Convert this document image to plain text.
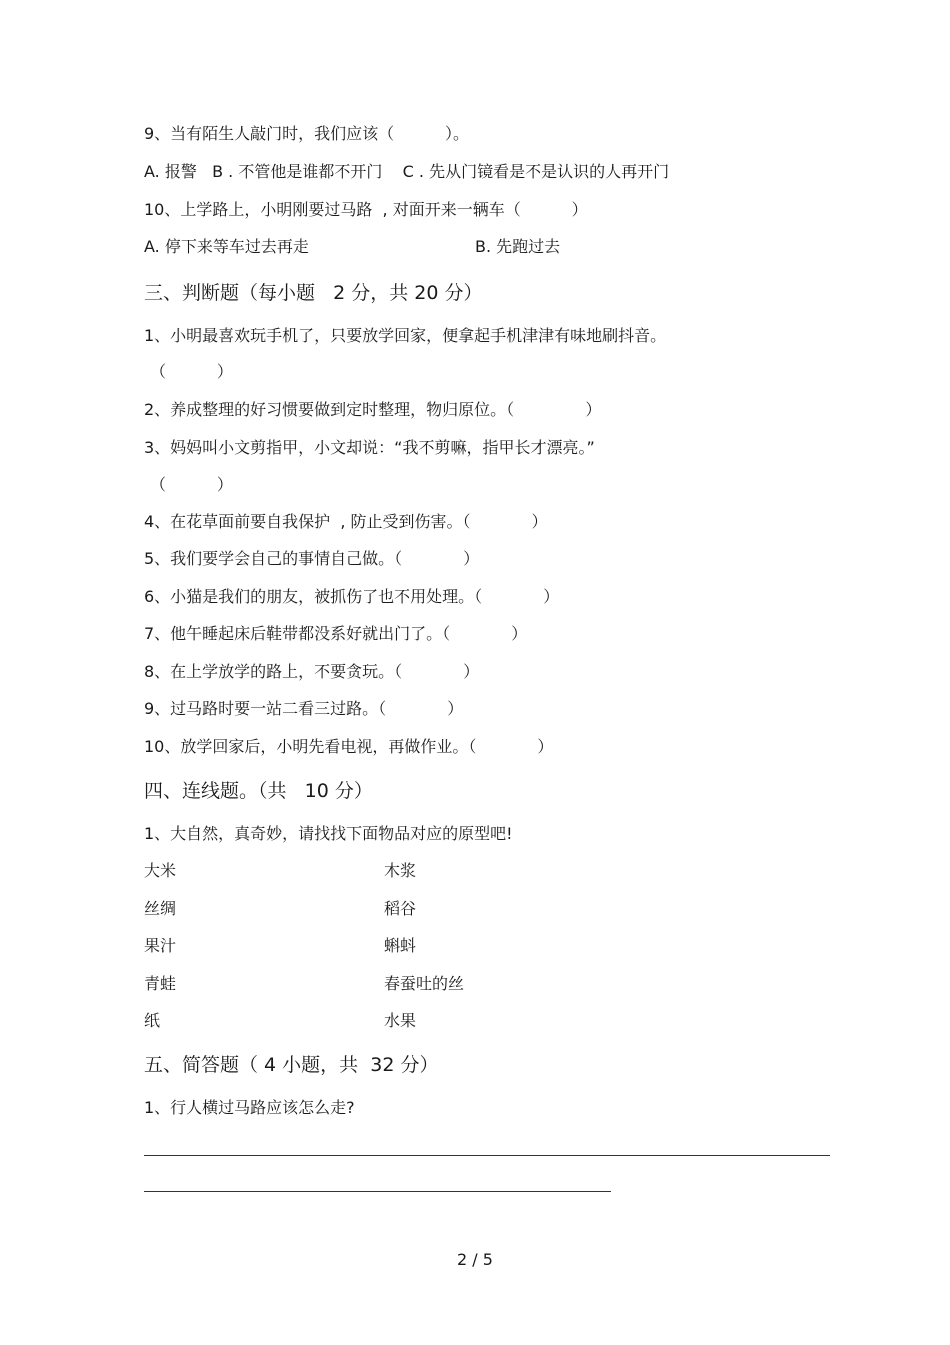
9、当有陌生人敲门时，我们应该（          ）。
A. 报警   B . 不管他是谁都不开门    C . 先从门镜看是不是认识的人再开门
10、上学路上，小明刚要过马路  , 对面开来一辆车（          ）
A. 停下来等车过去再走	B. 先跑过去
三、判断题（每小题   2 分，共 20 分）
1、小明最喜欢玩手机了，只要放学回家，便拿起手机津津有味地刷抖音。
（          ）
2、养成整理的好习惯要做到定时整理，物归原位。（              ）
3、妈妈叫小文剪指甲，小文却说：“我不剪嘛，指甲长才漂亮。”
（          ）
4、在花草面前要自我保护  , 防止受到伤害。（            ）
5、我们要学会自己的事情自己做。（            ）
6、小猫是我们的朋友，被抓伤了也不用处理。（            ）
7、他午睡起床后鞋带都没系好就出门了。（            ）
8、在上学放学的路上，不要贪玩。（            ）
9、过马路时要一站二看三过路。（            ）
10、放学回家后，小明先看电视，再做作业。（            ）
四、连线题。（共   10 分）
1、大自然，真奇妙，请找找下面物品对应的原型吧!
大米	木浆
丝绸	稻谷
果汁	蝌蚪
青蛙	春蚕吐的丝
纸	水果
五、简答题（ 4 小题，共  32 分）
1、行人横过马路应该怎么走?
2 / 5
